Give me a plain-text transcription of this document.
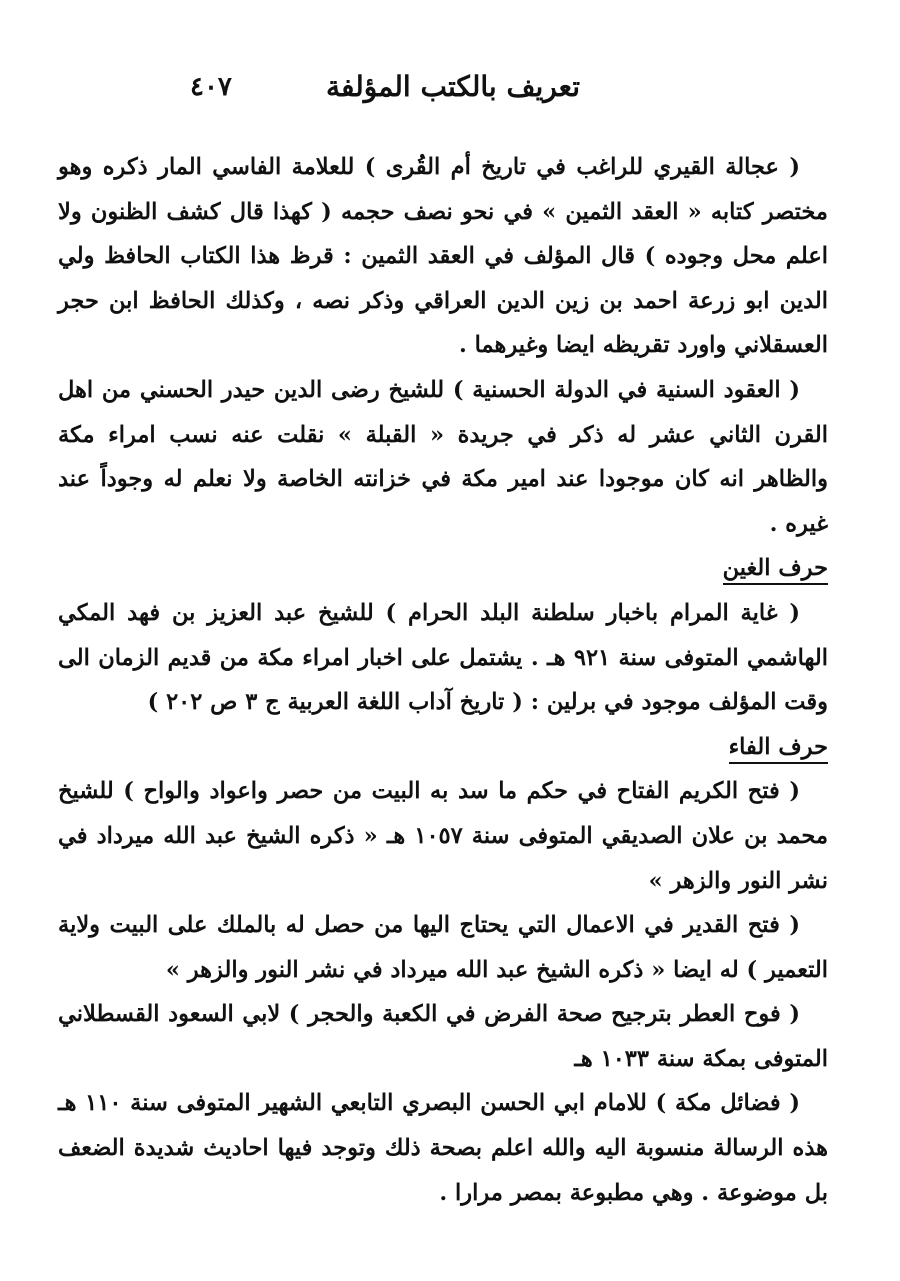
تعريف بالكتب المؤلفة
٤٠٧

( عجالة القيري للراغب في تاريخ أم القُرى ) للعلامة الفاسي المار ذكره وهو مختصر كتابه « العقد الثمين » في نحو نصف حجمه ( كهذا قال كشف الظنون ولا اعلم محل وجوده ) قال المؤلف في العقد الثمين : قرظ هذا الكتاب الحافظ ولي الدين ابو زرعة احمد بن زين الدين العراقي وذكر نصه ، وكذلك الحافظ ابن حجر العسقلاني واورد تقريظه ايضا وغيرهما .

( العقود السنية في الدولة الحسنية ) للشيخ رضى الدين حيدر الحسني من اهل القرن الثاني عشر له ذكر في جريدة « القبلة » نقلت عنه نسب امراء مكة والظاهر انه كان موجودا عند امير مكة في خزانته الخاصة ولا نعلم له وجوداً عند غيره .

حرف الغين

( غاية المرام باخبار سلطنة البلد الحرام ) للشيخ عبد العزيز بن فهد المكي الهاشمي المتوفى سنة ٩٢١ هـ . يشتمل على اخبار امراء مكة من قديم الزمان الى وقت المؤلف موجود في برلين : ( تاريخ آداب اللغة العربية ج ٣ ص ٢٠٢ )

حرف الفاء

( فتح الكريم الفتاح في حكم ما سد به البيت من حصر واعواد والواح ) للشيخ محمد بن علان الصديقي المتوفى سنة ١٠٥٧ هـ « ذكره الشيخ عبد الله ميرداد في نشر النور والزهر »

( فتح القدير في الاعمال التي يحتاج اليها من حصل له بالملك على البيت ولاية التعمير ) له ايضا « ذكره الشيخ عبد الله ميرداد في نشر النور والزهر »

( فوح العطر بترجيح صحة الفرض في الكعبة والحجر ) لابي السعود القسطلاني المتوفى بمكة سنة ١٠٣٣ هـ

( فضائل مكة ) للامام ابي الحسن البصري التابعي الشهير المتوفى سنة ١١٠ هـ هذه الرسالة منسوبة اليه والله اعلم بصحة ذلك وتوجد فيها احاديث شديدة الضعف بل موضوعة . وهي مطبوعة بمصر مرارا .
